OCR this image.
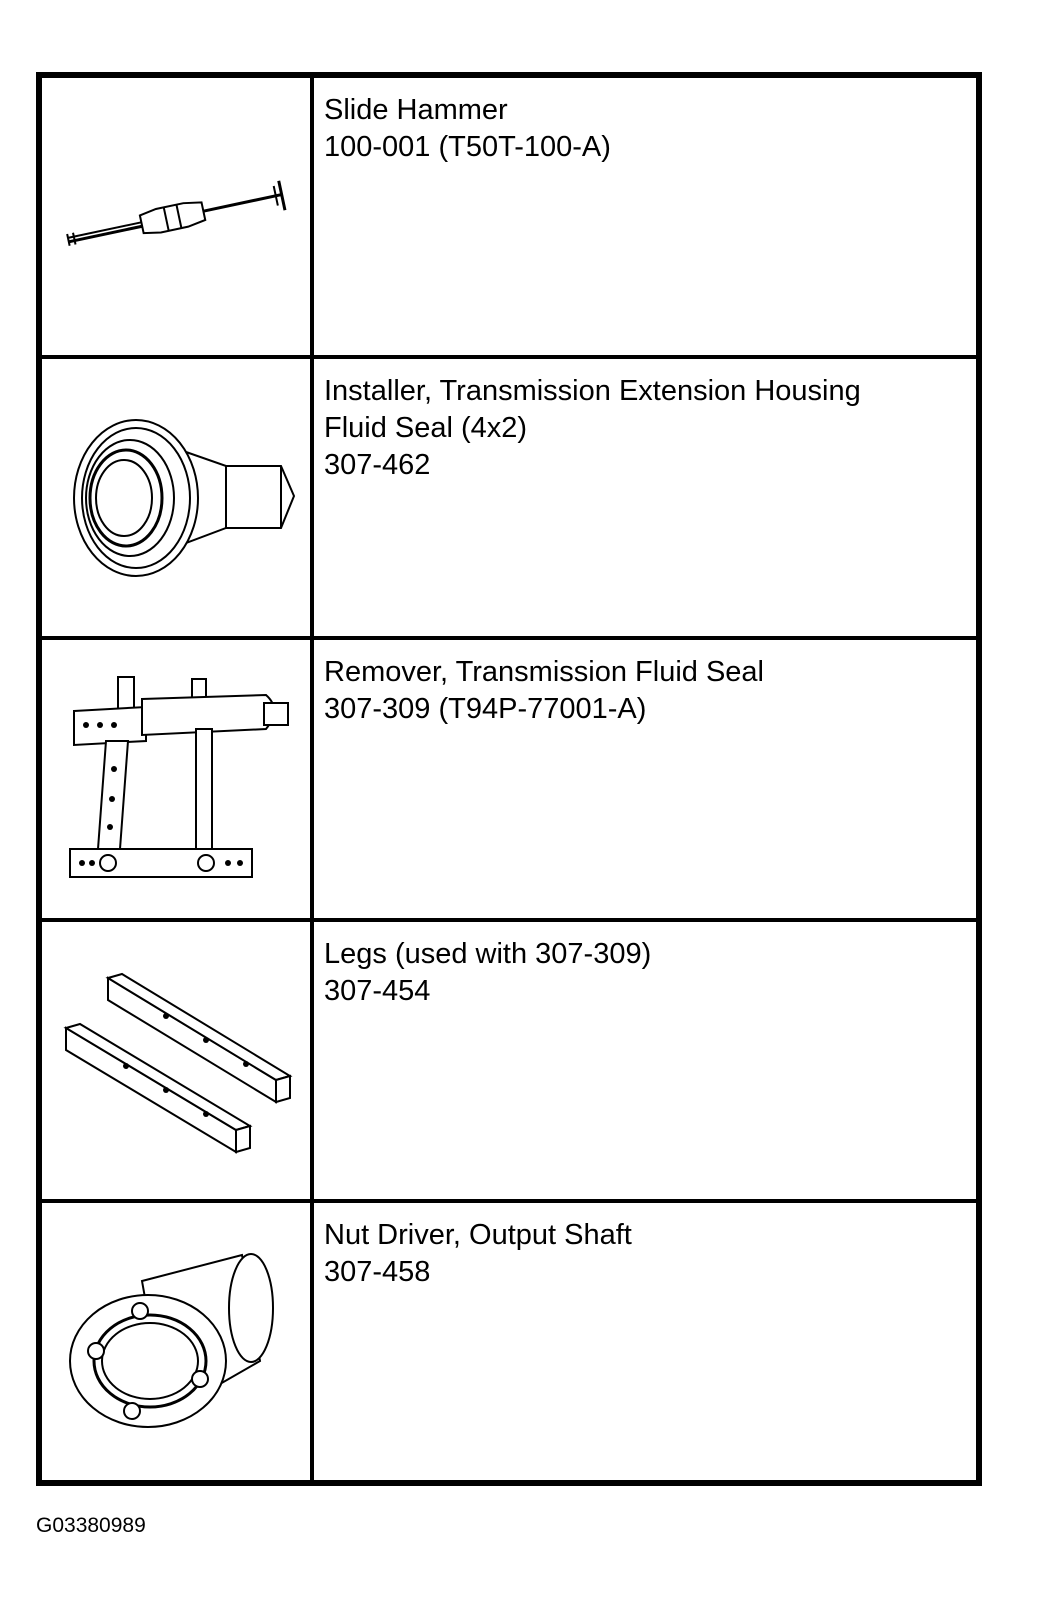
Slide Hammer
100-001 (T50T-100-A)
Installer, Transmission Extension Housing
Fluid Seal (4x2)
307-462
Remover, Transmission Fluid Seal
307-309 (T94P-77001-A)
Legs (used with 307-309)
307-454
Nut Driver, Output Shaft
307-458
G03380989
